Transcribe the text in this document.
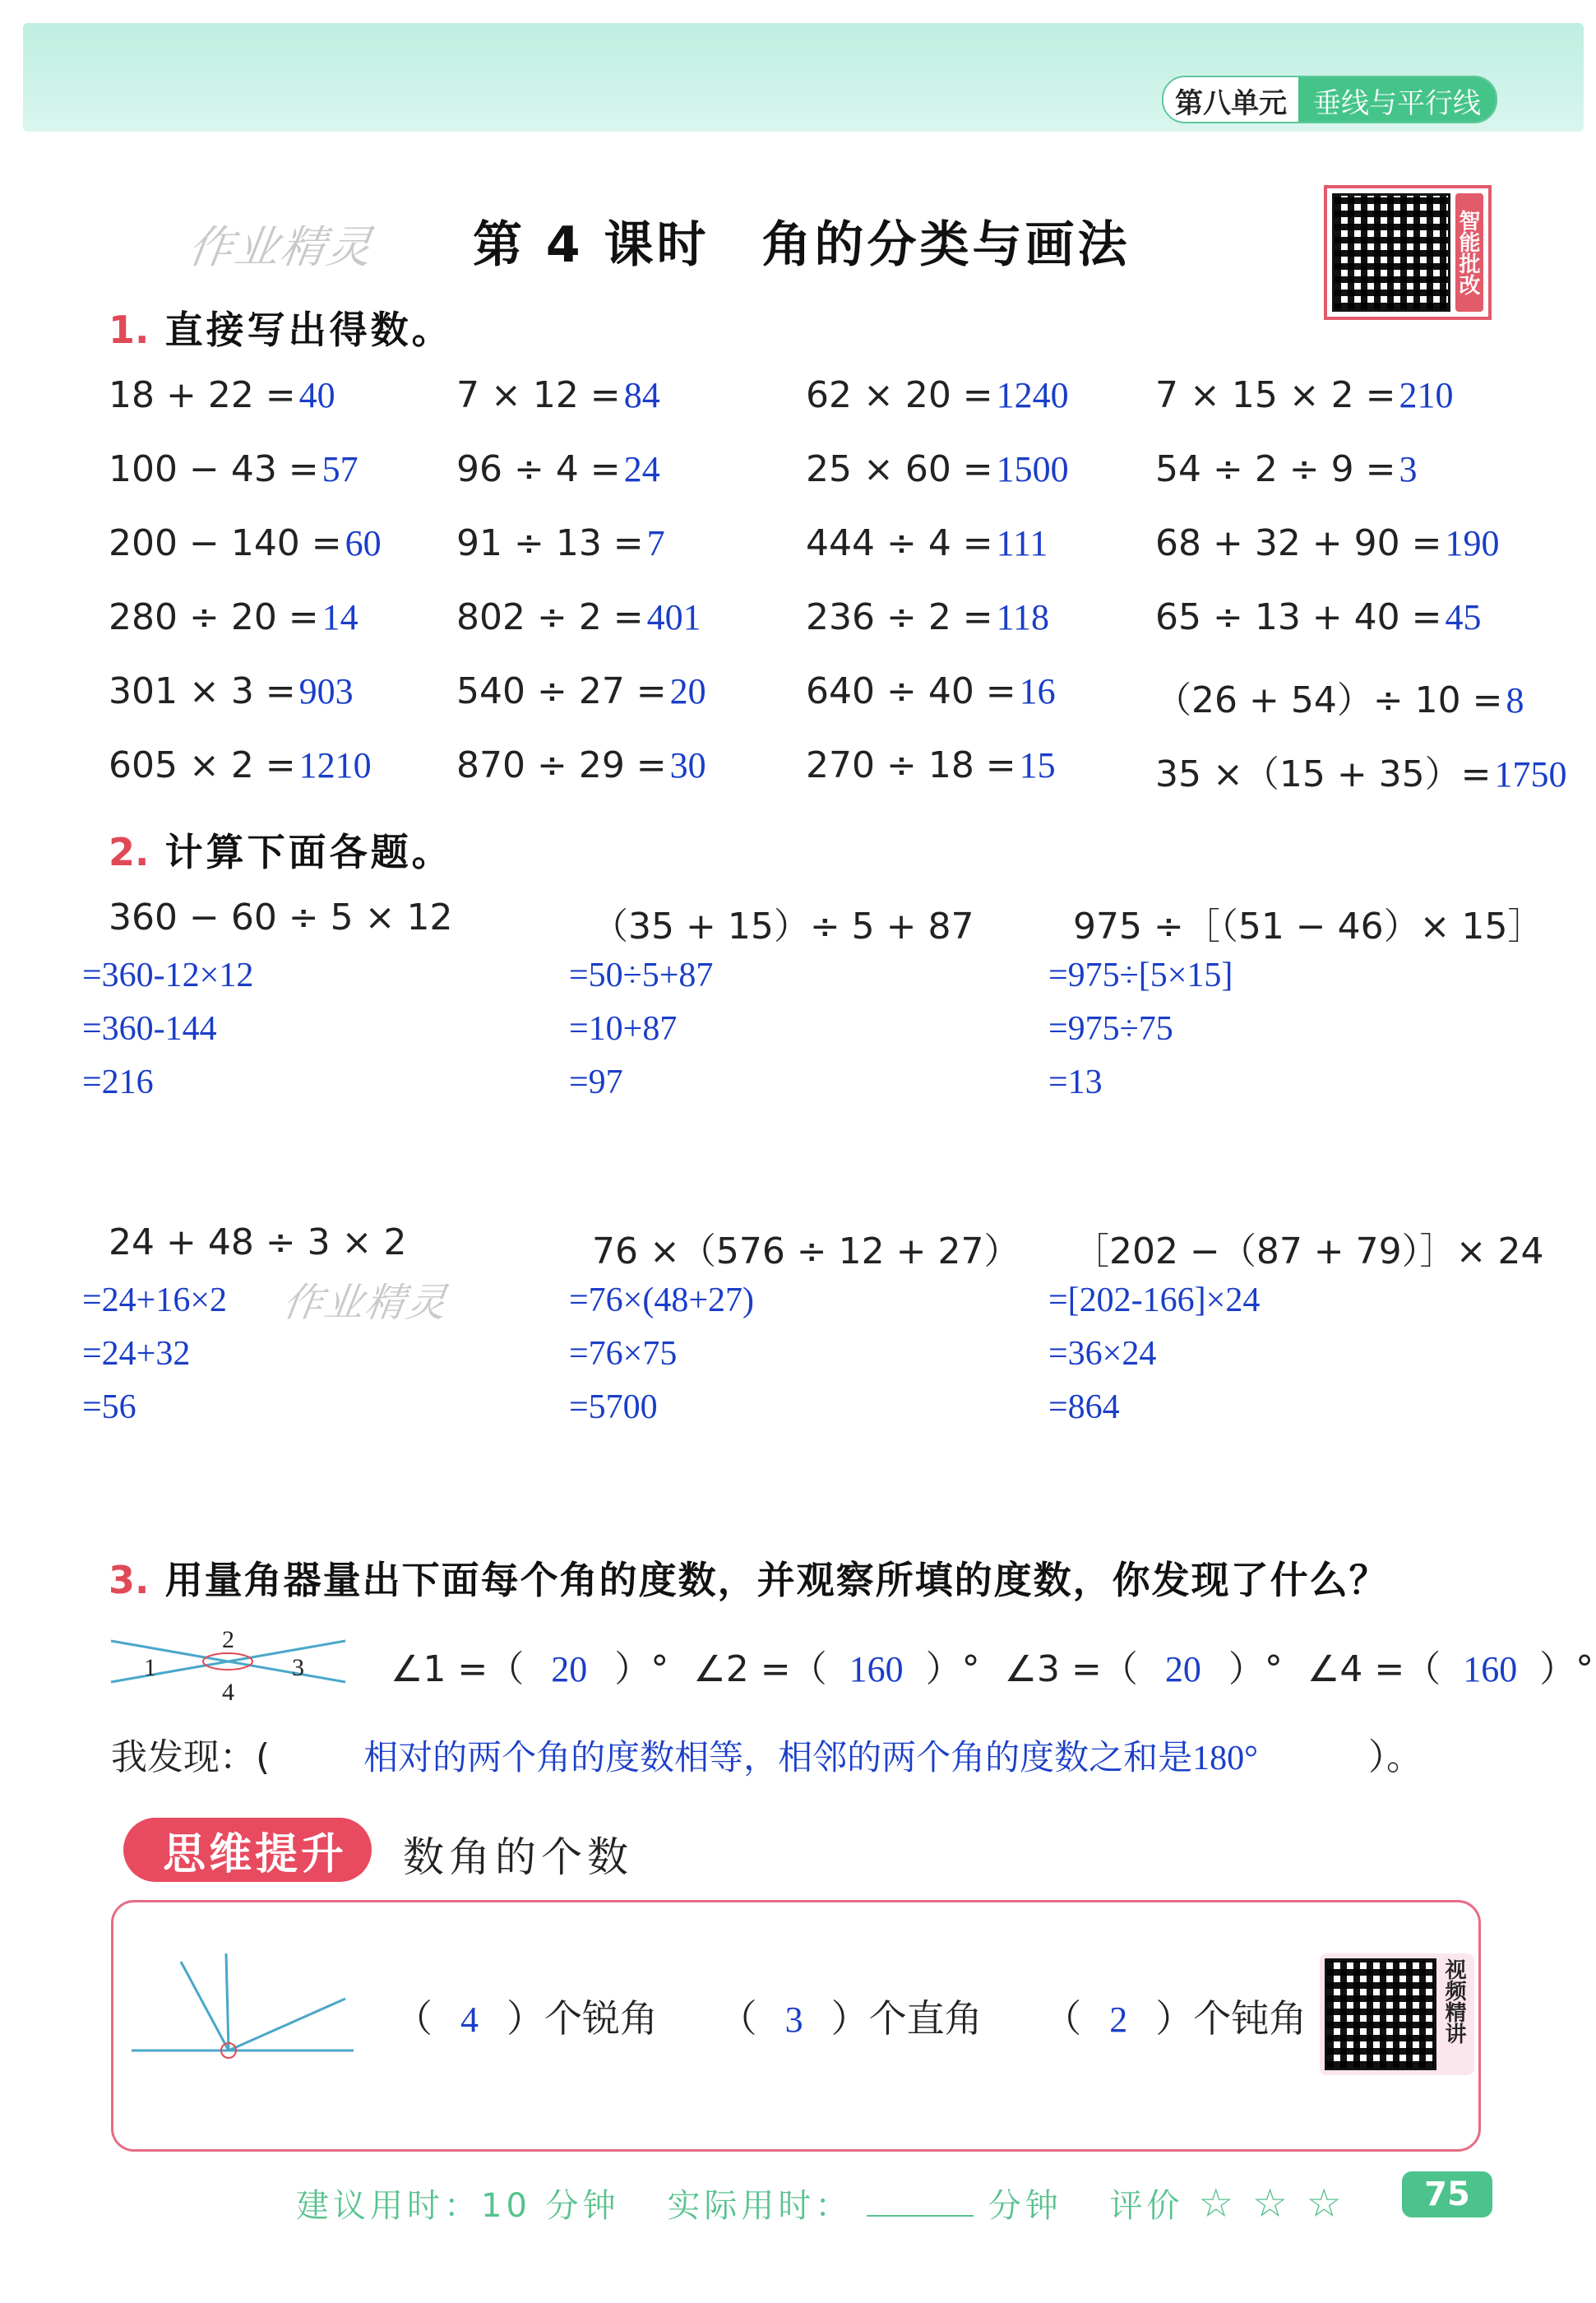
第八单元 垂线与平行线
作业精灵 第 4 课时　角的分类与画法	智能批改
1. 直接写出得数。
18 + 22 =40	7 × 12 =84	62 × 20 =1240 7 × 15 × 2 =210
100 − 43 =57	96 ÷ 4 =24	25 × 60 =1500 54 ÷ 2 ÷ 9 =3
200 − 140 =60 91 ÷ 13 =7	444 ÷ 4 =111	68 + 32 + 90 =190
280 ÷ 20 =14	802 ÷ 2 =401	236 ÷ 2 =118	65 ÷ 13 + 40 =45
301 × 3 =903	540 ÷ 27 =20	640 ÷ 40 =16	（26 + 54）÷ 10 =8
605 × 2 =1210 870 ÷ 29 =30	270 ÷ 18 =15	35 ×（15 + 35）=1750
2. 计算下面各题。
360 − 60 ÷ 5 × 12
=360-12×12
=360-144
=216
（35 + 15）÷ 5 + 87
=50÷5+87
=10+87
=97
975 ÷［（51 − 46）× 15］
=975÷[5×15]
=975÷75
=13
24 + 48 ÷ 3 × 2
=24+16×2
=24+32
=56
76 ×（576 ÷ 12 + 27）
=76×(48+27)
=76×75
=5700
［202 −（87 + 79）］× 24
=[202-166]×24
=36×24
=864
作业精灵
3. 用量角器量出下面每个角的度数，并观察所填的度数，你发现了什么？
1
2
3
4
∠1 =（ 20 ）° ∠2 =（ 160 ）° ∠3 =（ 20 ）° ∠4 =（ 160 ）°
我发现：(	相对的两个角的度数相等，相邻的两个角的度数之和是180°	）。
思维提升	数角的个数
（ 4 ）个锐角 （ 3 ）个直角 （ 2 ）个钝角	视频精讲
建议用时：10 分钟 实际用时：	分钟 评价 ☆ ☆ ☆	75
